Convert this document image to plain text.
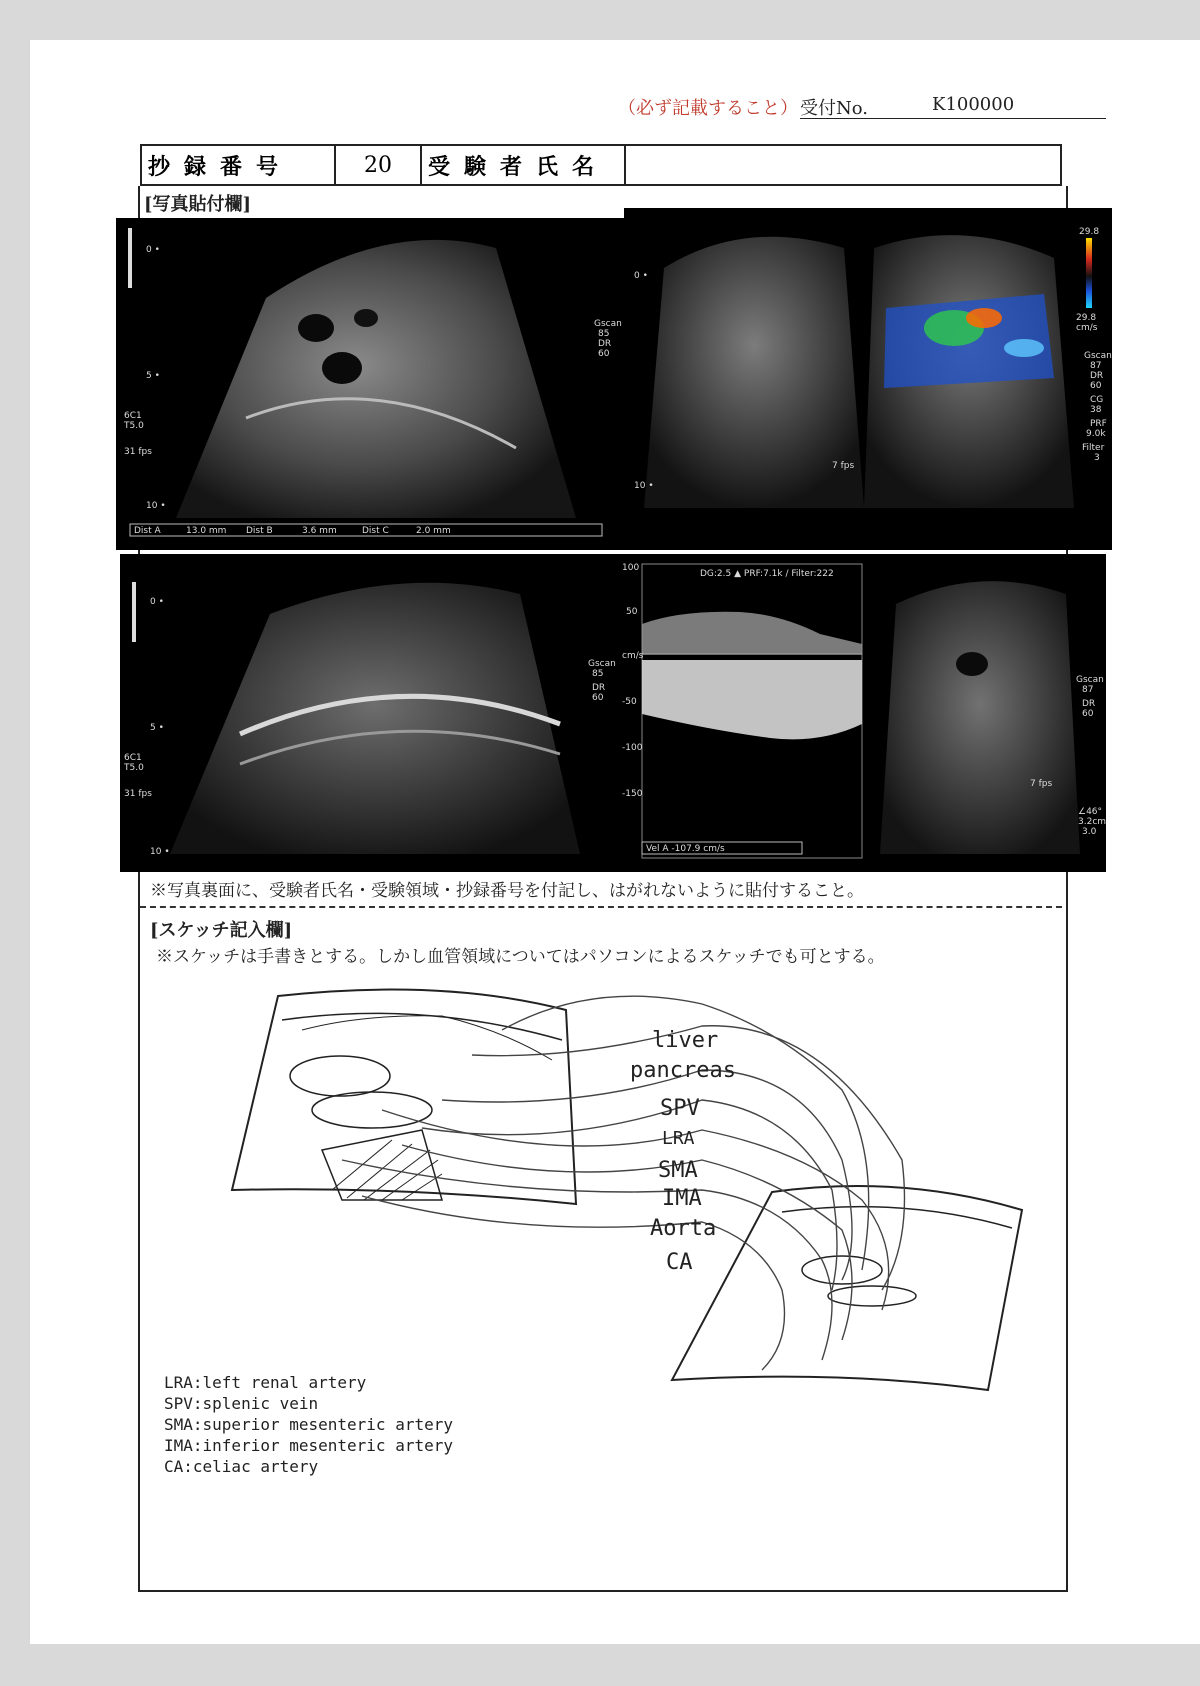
（必ず記載すること） 受付No.	K100000
抄録番号	20	受験者氏名	
[写真貼付欄]
0 •
5 •
10 •
6C1
T5.0
31 fps
Gscan
85
DR
60
Dist A	13.0 mm Dist B	3.6 mm	Dist C	2.0 mm
29.8
29.8
cm/s
Gscan
87
DR
60
CG
38
PRF
9.0k
Filter
3
7 fps
0 •
10 •
0 •
5 •
10 •
6C1
T5.0
31 fps
Gscan
85
DR
60
DG:2.5 ▲ PRF:7.1k / Filter:222
100
50
cm/s
-50
-100
-150
Vel A -107.9 cm/s
Gscan
87
DR
60
∠46°
3.2cm
3.0
7 fps
※写真裏面に、受験者氏名・受験領域・抄録番号を付記し、はがれないように貼付すること。
[スケッチ記入欄]
※スケッチは手書きとする。しかし血管領域についてはパソコンによるスケッチでも可とする。
liver
pancreas
SPV
LRA
SMA
IMA
Aorta
CA
LRA:left renal artery
SPV:splenic vein
SMA:superior mesenteric artery
IMA:inferior mesenteric artery
CA:celiac artery
